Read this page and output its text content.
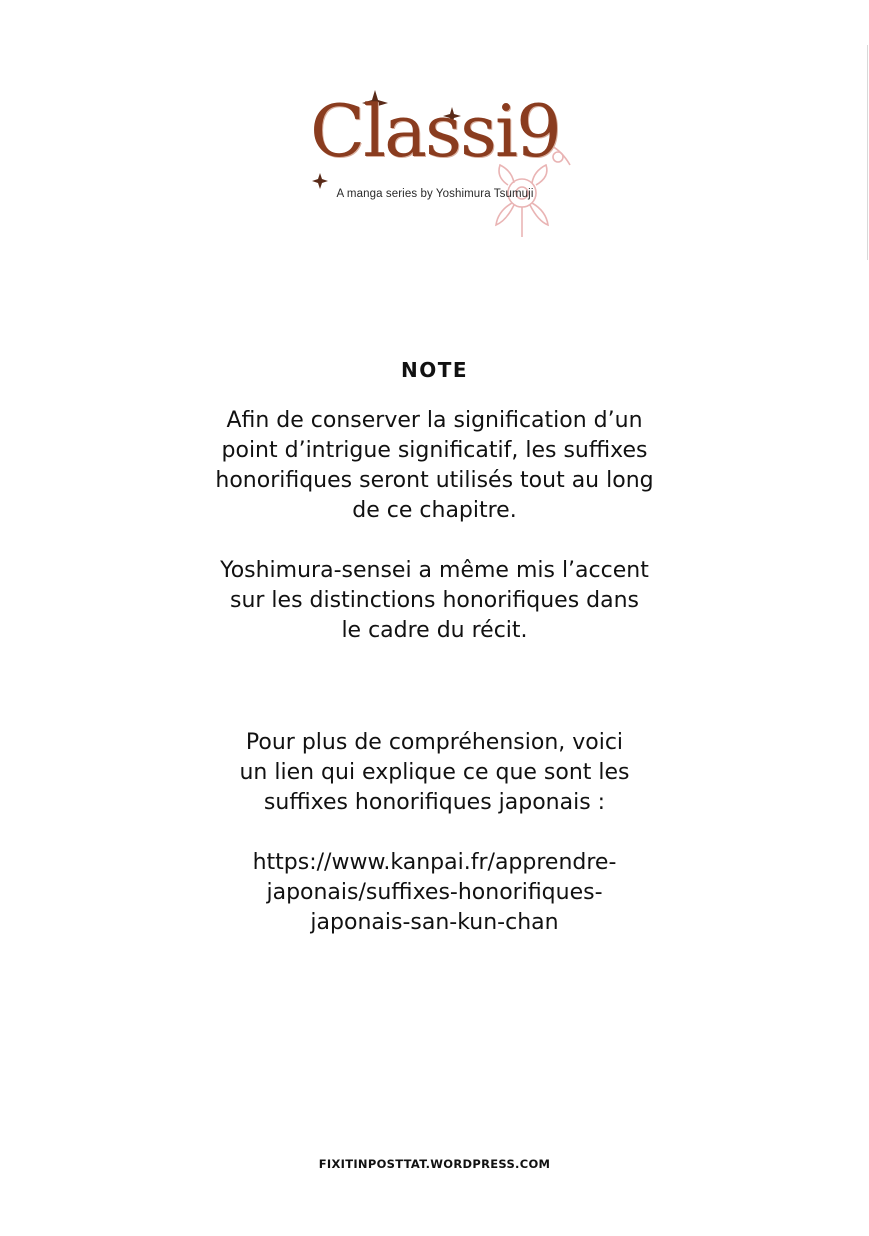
Classi9
A manga series by Yoshimura Tsumuji
NOTE
Afin de conserver la signification d’un
point d’intrigue significatif, les suffixes
honorifiques seront utilisés tout au long
de ce chapitre.
Yoshimura-sensei a même mis l’accent
sur les distinctions honorifiques dans
le cadre du récit.
Pour plus de compréhension, voici
un lien qui explique ce que sont les
suffixes honorifiques japonais :
https://www.kanpai.fr/apprendre-
japonais/suffixes-honorifiques-
japonais-san-kun-chan
FIXITINPOSTTAT.WORDPRESS.COM
